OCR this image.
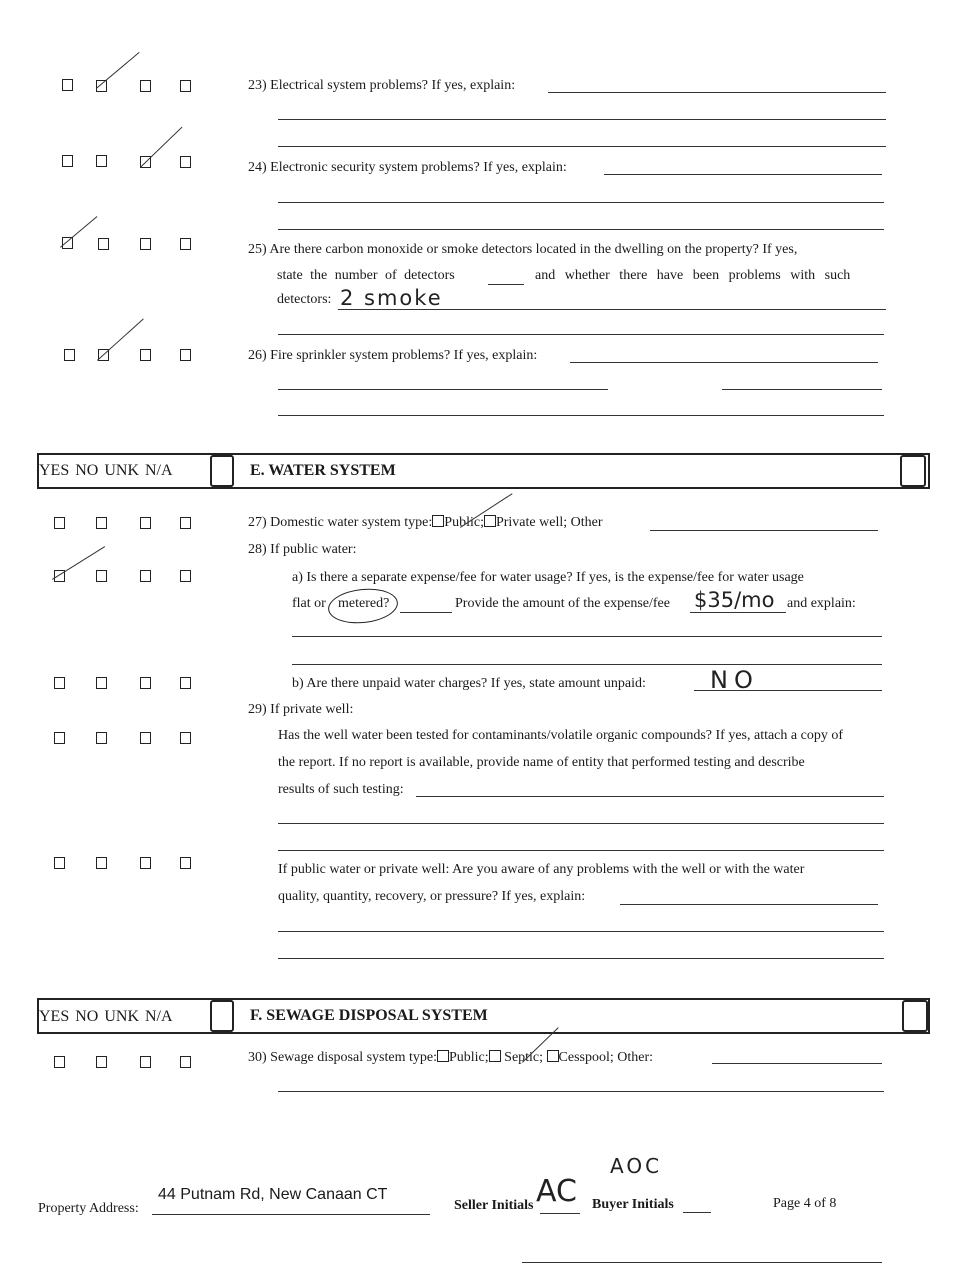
23) Electrical system problems? If yes, explain:
24) Electronic security system problems? If yes, explain:
25) Are there carbon monoxide or smoke detectors located in the dwelling on the property? If yes,
state the number of detectors	and whether there have been problems with such
detectors: 2 smoke
26) Fire sprinkler system problems? If yes, explain:
YES NO UNK N/A	E. WATER SYSTEM
27) Domestic water system type: Public; Private well; Other
28) If public water:
a) Is there a separate expense/fee for water usage? If yes, is the expense/fee for water usage
flat or metered?	Provide the amount of the expense/fee $35/mo and explain:
b) Are there unpaid water charges? If yes, state amount unpaid:	NO
29) If private well:
Has the well water been tested for contaminants/volatile organic compounds? If yes, attach a copy of
the report. If no report is available, provide name of entity that performed testing and describe
results of such testing:
If public water or private well: Are you aware of any problems with the well or with the water
quality, quantity, recovery, or pressure? If yes, explain:
YES NO UNK N/A	F. SEWAGE DISPOSAL SYSTEM
30) Sewage disposal system type: Public; Septic; Cesspool; Other:
Property Address:
44 Putnam Rd, New Canaan CT
Seller Initials AC Buyer Initials
AOC
Page 4 of 8
